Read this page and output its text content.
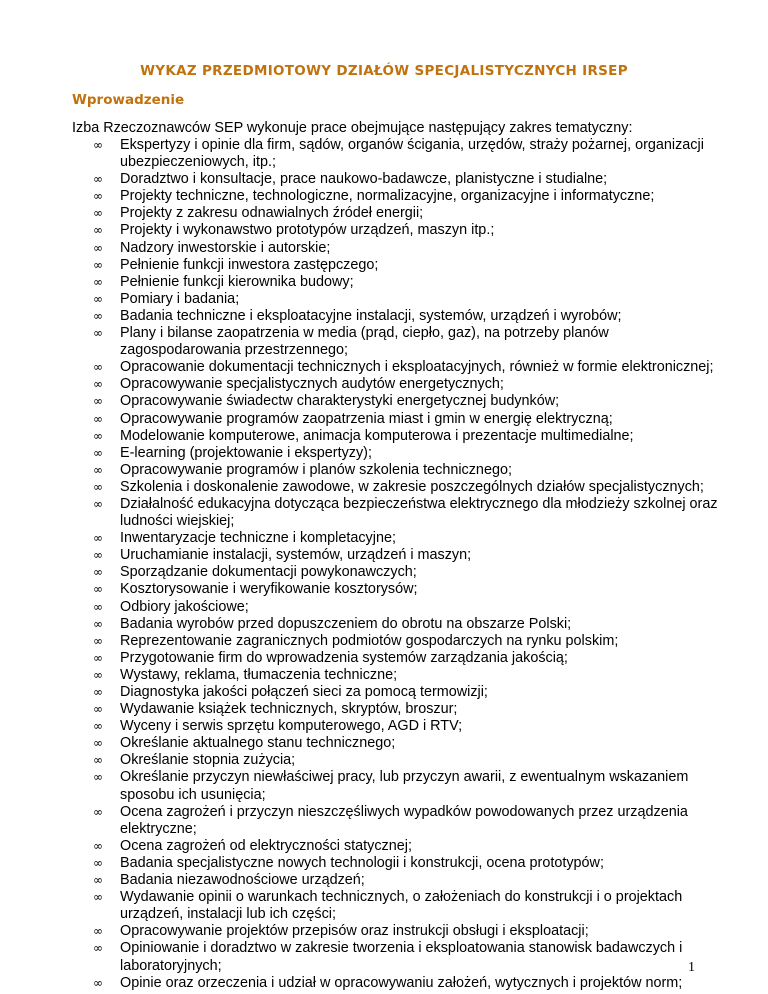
WYKAZ PRZEDMIOTOWY DZIAŁÓW SPECJALISTYCZNYCH IRSEP
Wprowadzenie
Izba Rzeczoznawców SEP wykonuje prace obejmujące następujący zakres tematyczny:
∞ Ekspertyzy i opinie dla firm, sądów, organów ścigania, urzędów, straży pożarnej, organizacji ubezpieczeniowych, itp.;
∞ Doradztwo i konsultacje, prace naukowo-badawcze, planistyczne i studialne;
∞ Projekty techniczne, technologiczne, normalizacyjne, organizacyjne i informatyczne;
∞ Projekty z zakresu odnawialnych źródeł energii;
∞ Projekty i wykonawstwo prototypów urządzeń, maszyn itp.;
∞ Nadzory inwestorskie i autorskie;
∞ Pełnienie funkcji inwestora zastępczego;
∞ Pełnienie funkcji kierownika budowy;
∞ Pomiary i badania;
∞ Badania techniczne i eksploatacyjne instalacji, systemów, urządzeń i wyrobów;
∞ Plany i bilanse zaopatrzenia w media (prąd, ciepło, gaz), na potrzeby planów zagospodarowania przestrzennego;
∞ Opracowanie dokumentacji technicznych i eksploatacyjnych, również w formie elektronicznej;
∞ Opracowywanie specjalistycznych audytów energetycznych;
∞ Opracowywanie świadectw charakterystyki energetycznej budynków;
∞ Opracowywanie programów zaopatrzenia miast i gmin w energię elektryczną;
∞ Modelowanie komputerowe, animacja komputerowa i prezentacje multimedialne;
∞ E-learning (projektowanie i ekspertyzy);
∞ Opracowywanie programów i planów szkolenia technicznego;
∞ Szkolenia i doskonalenie zawodowe, w zakresie poszczególnych działów specjalistycznych;
∞ Działalność edukacyjna dotycząca bezpieczeństwa elektrycznego dla młodzieży szkolnej oraz ludności wiejskiej;
∞ Inwentaryzacje techniczne i kompletacyjne;
∞ Uruchamianie instalacji, systemów, urządzeń i maszyn;
∞ Sporządzanie dokumentacji powykonawczych;
∞ Kosztorysowanie i weryfikowanie kosztorysów;
∞ Odbiory jakościowe;
∞ Badania wyrobów przed dopuszczeniem do obrotu na obszarze Polski;
∞ Reprezentowanie zagranicznych podmiotów gospodarczych na rynku polskim;
∞ Przygotowanie firm do wprowadzenia systemów zarządzania jakością;
∞ Wystawy, reklama, tłumaczenia techniczne;
∞ Diagnostyka jakości połączeń sieci za pomocą termowizji;
∞ Wydawanie książek technicznych, skryptów, broszur;
∞ Wyceny i serwis sprzętu komputerowego, AGD i RTV;
∞ Określanie aktualnego stanu technicznego;
∞ Określanie stopnia zużycia;
∞ Określanie przyczyn niewłaściwej pracy, lub przyczyn awarii, z ewentualnym wskazaniem sposobu ich usunięcia;
∞ Ocena zagrożeń i przyczyn nieszczęśliwych wypadków powodowanych przez urządzenia elektryczne;
∞ Ocena zagrożeń od elektryczności statycznej;
∞ Badania specjalistyczne nowych technologii i konstrukcji, ocena prototypów;
∞ Badania niezawodnościowe urządzeń;
∞ Wydawanie opinii o warunkach technicznych, o założeniach do konstrukcji i o projektach urządzeń, instalacji lub ich części;
∞ Opracowywanie projektów przepisów oraz instrukcji obsługi i eksploatacji;
∞ Opiniowanie i doradztwo w zakresie tworzenia i eksploatowania stanowisk badawczych i laboratoryjnych;
∞ Opinie oraz orzeczenia i udział w opracowywaniu założeń, wytycznych i projektów norm;
1
